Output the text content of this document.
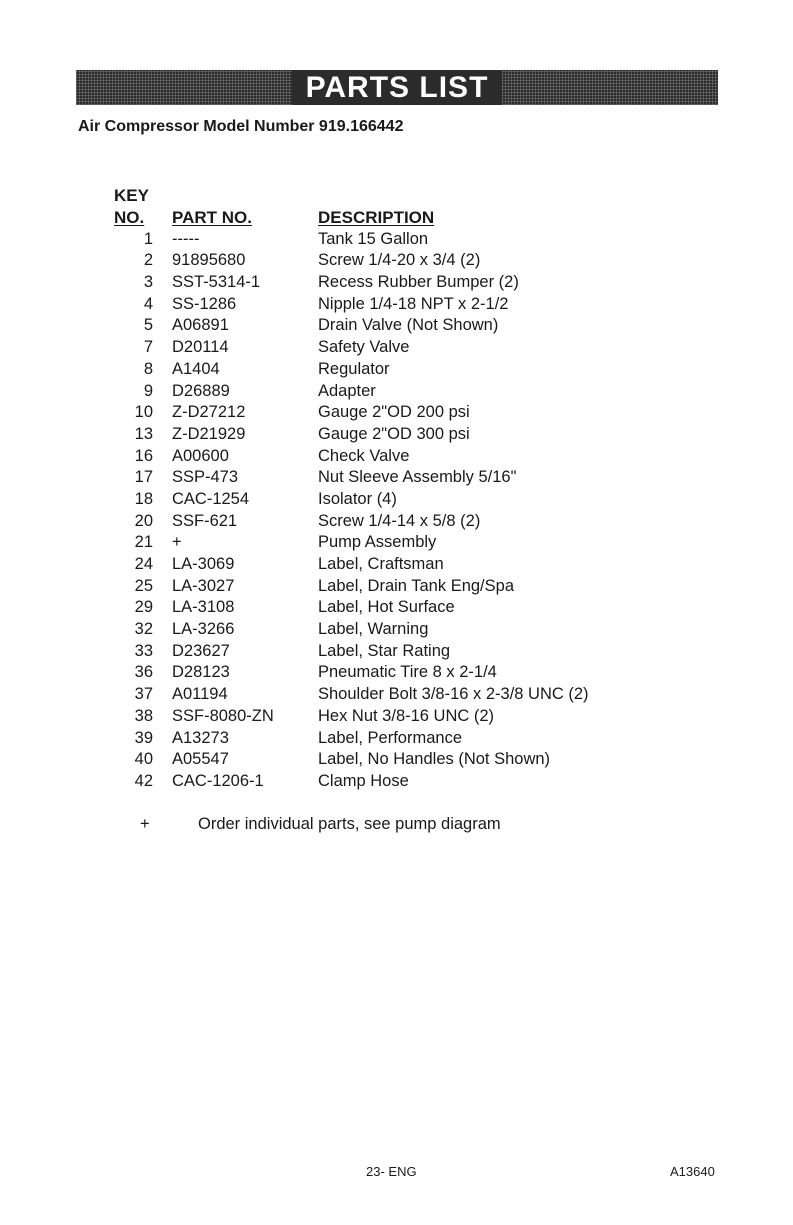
PARTS LIST
Air Compressor Model Number 919.166442
KEY
NO.	PART NO.	DESCRIPTION
1	-----	Tank 15 Gallon
2	91895680	Screw 1/4-20 x 3/4 (2)
3	SST-5314-1	Recess Rubber Bumper (2)
4	SS-1286	Nipple 1/4-18 NPT x 2-1/2
5	A06891	Drain Valve (Not Shown)
7	D20114	Safety Valve
8	A1404	Regulator
9	D26889	Adapter
10	Z-D27212	Gauge 2"OD 200 psi
13	Z-D21929	Gauge 2"OD 300 psi
16	A00600	Check Valve
17	SSP-473	Nut Sleeve Assembly 5/16"
18	CAC-1254	Isolator (4)
20	SSF-621	Screw 1/4-14 x 5/8 (2)
21	+	Pump Assembly
24	LA-3069	Label, Craftsman
25	LA-3027	Label, Drain Tank Eng/Spa
29	LA-3108	Label, Hot Surface
32	LA-3266	Label, Warning
33	D23627	Label, Star Rating
36	D28123	Pneumatic Tire 8 x 2-1/4
37	A01194	Shoulder Bolt 3/8-16 x 2-3/8 UNC (2)
38	SSF-8080-ZN	Hex Nut 3/8-16 UNC (2)
39	A13273	Label, Performance
40	A05547	Label, No Handles (Not Shown)
42	CAC-1206-1	Clamp Hose
+	Order individual parts, see pump diagram
23- ENG	A13640
